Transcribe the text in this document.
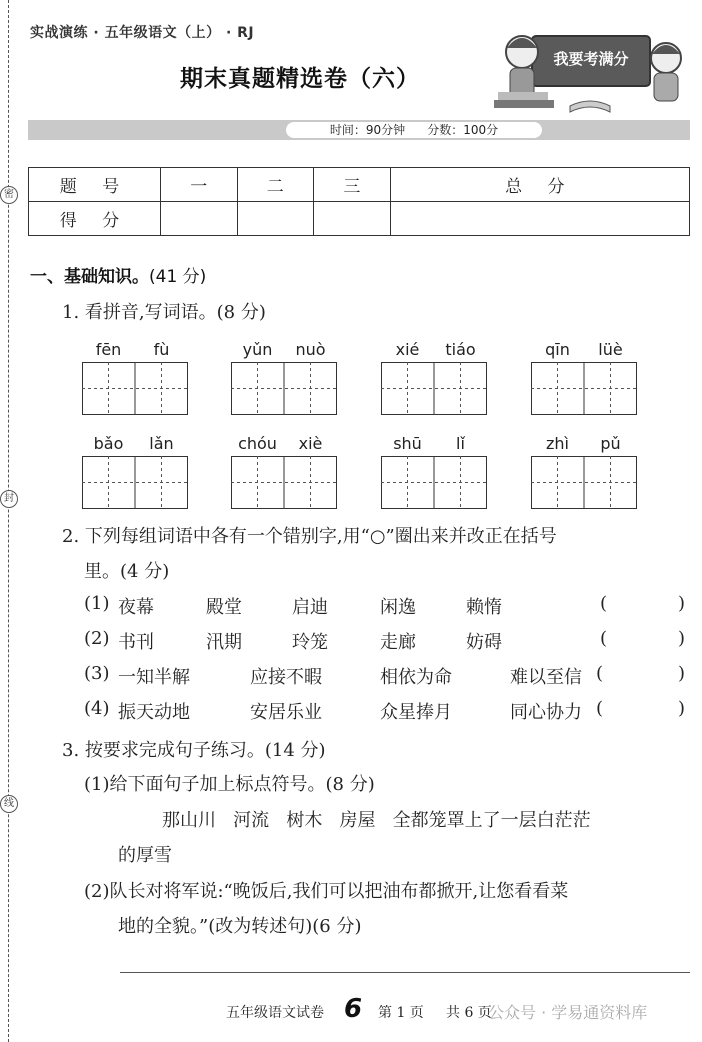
密
封
线
实战演练 · 五年级语文（上） · RJ
期末真题精选卷（六）
我要考满分
时间：90分钟 分数：100分
题 号	一	二	三	总 分
得 分				
一、基础知识。(41 分)
1. 看拼音,写词语。(8 分)
fēn	fù	yǔn	nuò	xié	tiáo	qīn	lüè
bǎo	lǎn	chóu	xiè	shū	lǐ	zhì	pǔ
2. 下列每组词语中各有一个错别字,用“○”圈出来并改正在括号
里。(4 分)
(1) 夜幕	殿堂	启迪	闲逸	赖惰	(	)
(2) 书刊	汛期	玲笼	走廊	妨碍	(	)
(3) 一知半解	应接不暇	相依为命	难以至信 (	)
(4) 振天动地	安居乐业	众星捧月	同心协力 (	)
3. 按要求完成句子练习。(14 分)
(1)给下面句子加上标点符号。(8 分)
那山川   河流   树木   房屋   全都笼罩上了一层白茫茫
的厚雪
(2)队长对将军说:“晚饭后,我们可以把油布都掀开,让您看看菜
地的全貌。”(改为转述句)(6 分)
五年级语文试卷 6 第 1 页 共 6 页
公众号 · 学易通资料库
